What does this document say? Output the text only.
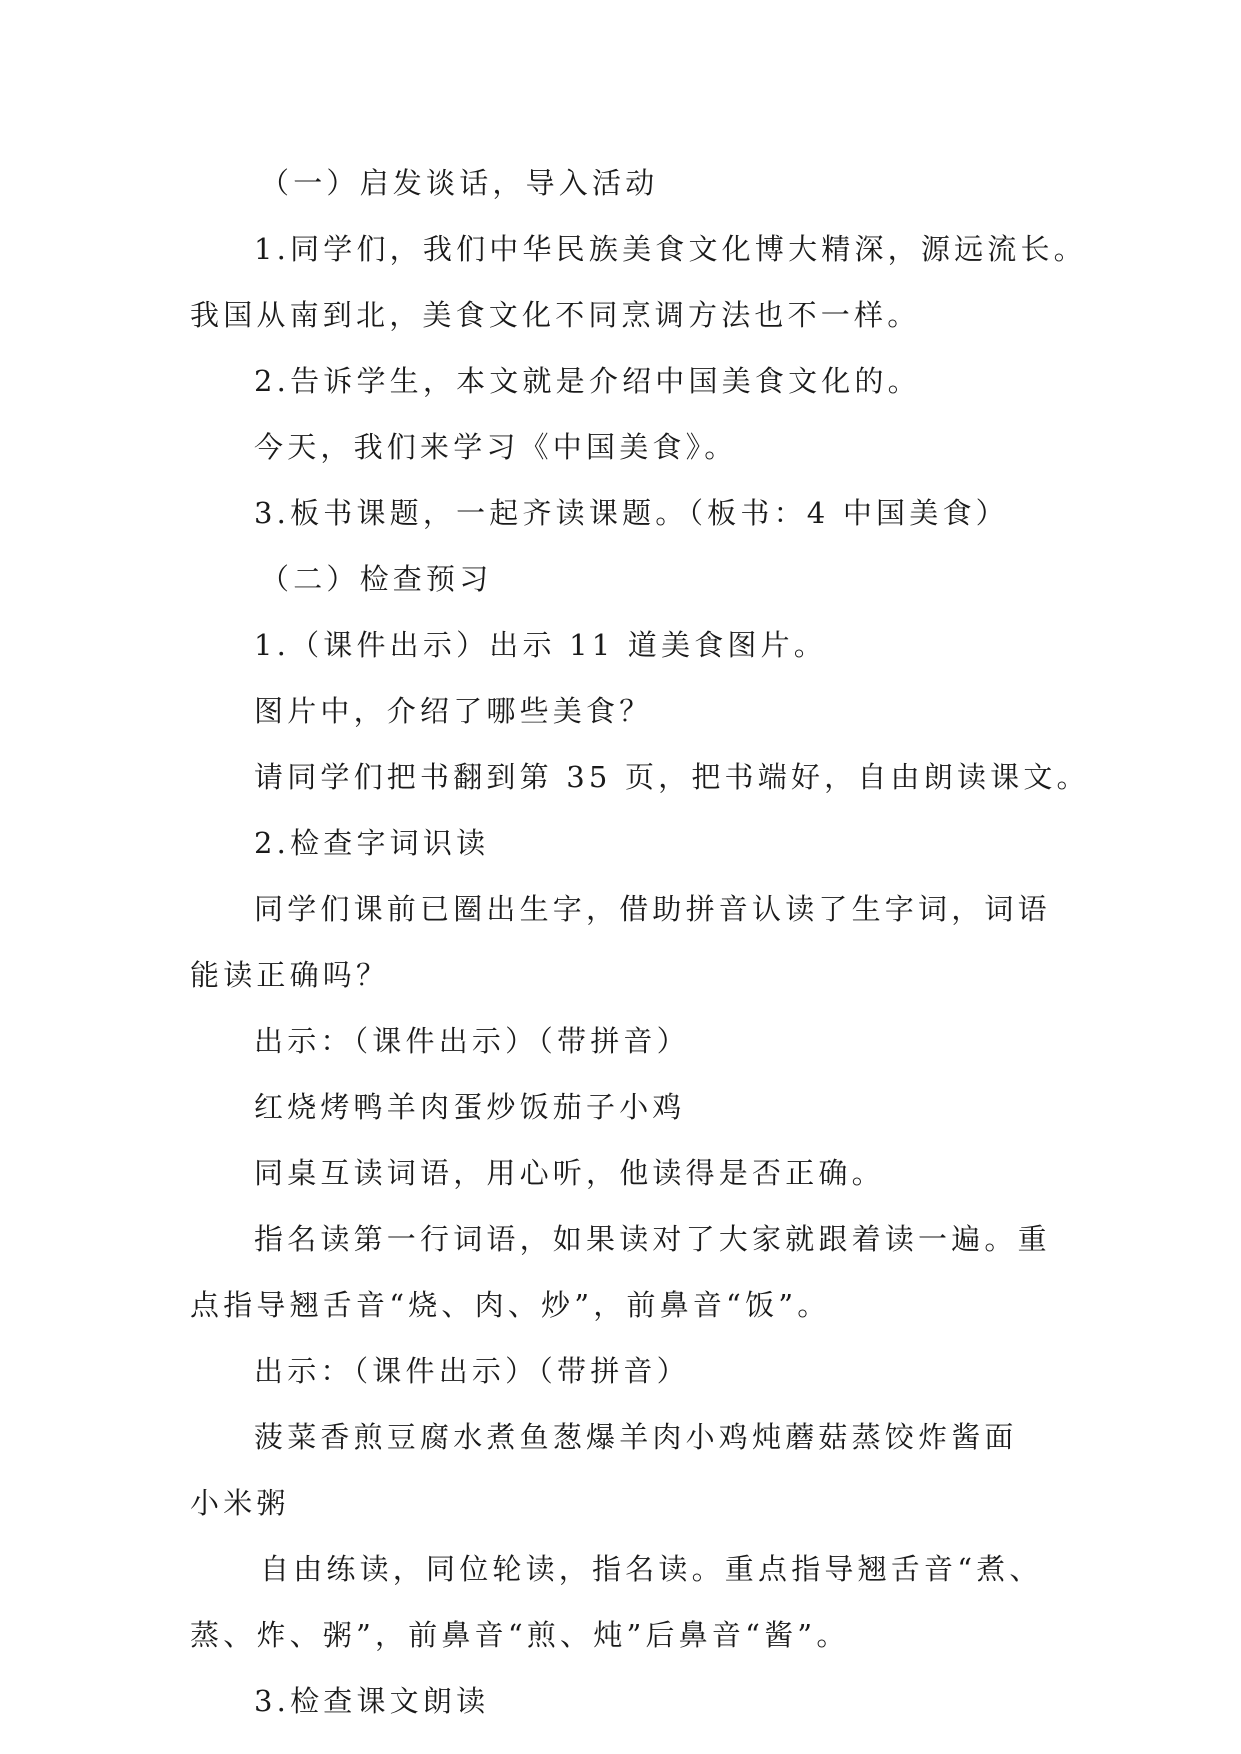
（一）启发谈话，导入活动
1.同学们，我们中华民族美食文化博大精深，源远流长。
我国从南到北，美食文化不同烹调方法也不一样。
2.告诉学生，本文就是介绍中国美食文化的。
今天，我们来学习《中国美食》。
3.板书课题，一起齐读课题。（板书：4 中国美食）
（二）检查预习
1.（课件出示）出示 11 道美食图片。
图片中，介绍了哪些美食？
请同学们把书翻到第 35 页，把书端好，自由朗读课文。
2.检查字词识读
同学们课前已圈出生字，借助拼音认读了生字词，词语
能读正确吗？
出示：（课件出示）（带拼音）
红烧烤鸭羊肉蛋炒饭茄子小鸡
同桌互读词语，用心听，他读得是否正确。
指名读第一行词语，如果读对了大家就跟着读一遍。重
点指导翘舌音“烧、肉、炒”，前鼻音“饭”。
出示：（课件出示）（带拼音）
菠菜香煎豆腐水煮鱼葱爆羊肉小鸡炖蘑菇蒸饺炸酱面
小米粥
自由练读，同位轮读，指名读。重点指导翘舌音“煮、
蒸、炸、粥”，前鼻音“煎、炖”后鼻音“酱”。
3.检查课文朗读
